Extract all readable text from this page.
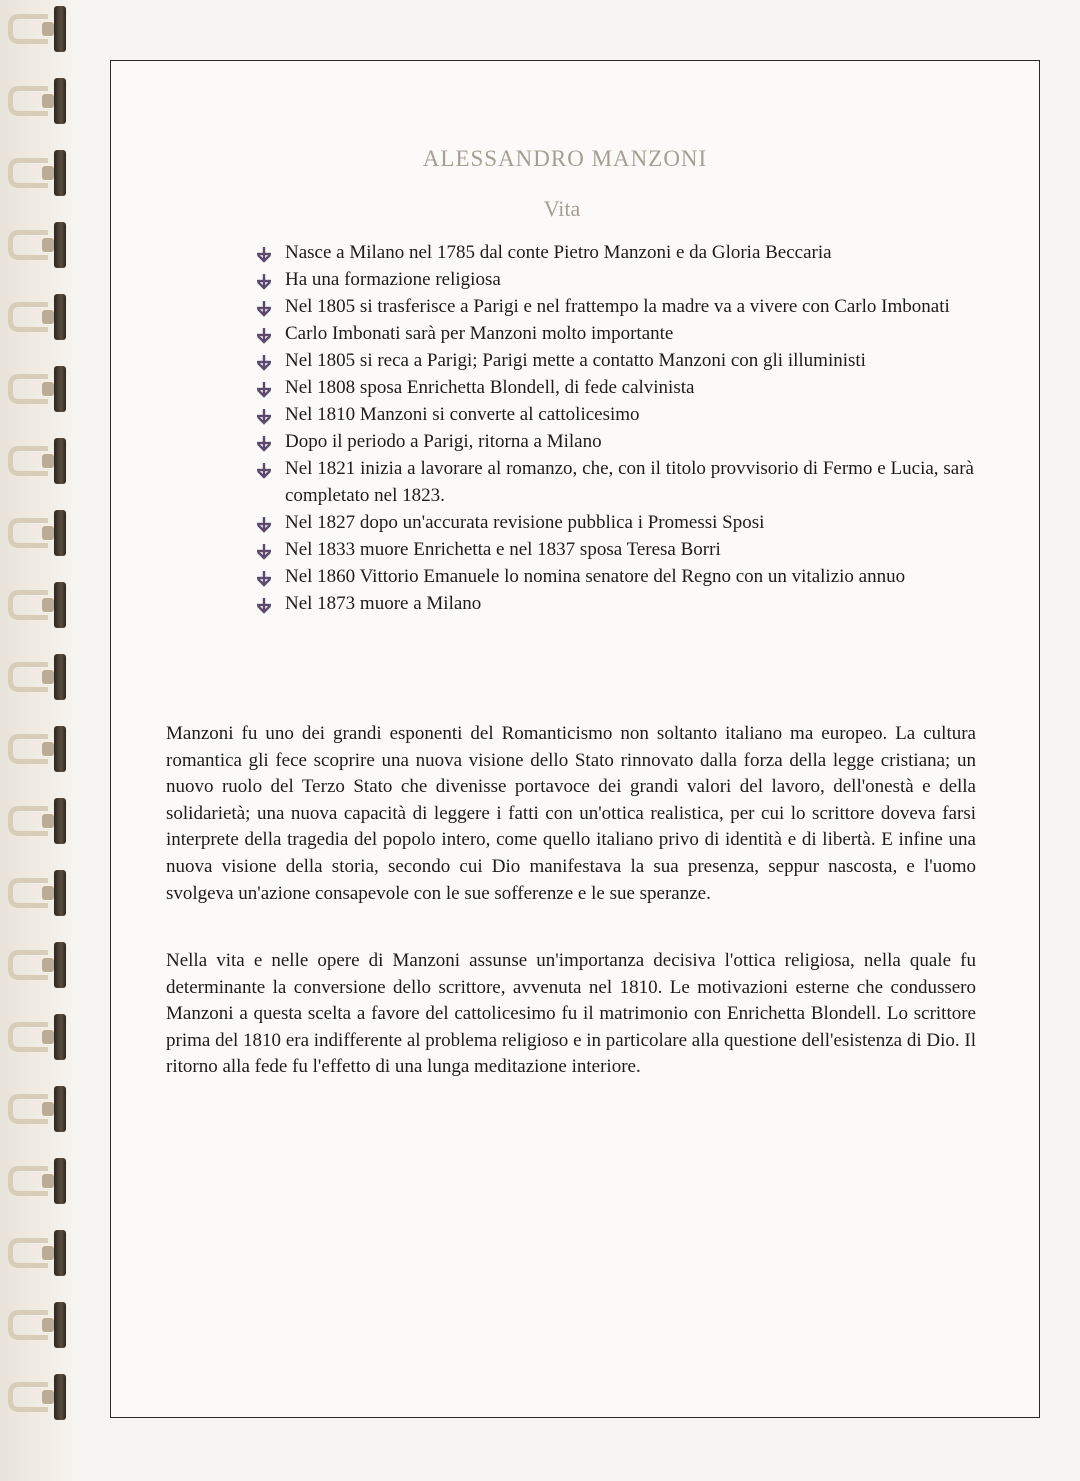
ALESSANDRO MANZONI
Vita
Nasce a Milano nel 1785 dal conte Pietro Manzoni e da Gloria Beccaria
Ha una formazione religiosa
Nel 1805 si trasferisce a Parigi e nel frattempo la madre va a vivere con Carlo Imbonati
Carlo Imbonati sarà per Manzoni molto importante
Nel 1805 si reca a Parigi; Parigi mette a contatto Manzoni con gli illuministi
Nel 1808 sposa Enrichetta Blondell, di fede calvinista
Nel 1810 Manzoni si converte al cattolicesimo
Dopo il periodo a Parigi, ritorna a Milano
Nel 1821 inizia a lavorare al romanzo, che, con il titolo provvisorio di Fermo e Lucia, sarà completato nel 1823.
Nel 1827 dopo un'accurata revisione pubblica i Promessi Sposi
Nel 1833 muore Enrichetta e nel 1837 sposa Teresa Borri
Nel 1860 Vittorio Emanuele lo nomina senatore del Regno con un vitalizio annuo
Nel 1873 muore a Milano

Manzoni fu uno dei grandi esponenti del Romanticismo non soltanto italiano ma europeo. La cultura romantica gli fece scoprire una nuova visione dello Stato rinnovato dalla forza della legge cristiana; un nuovo ruolo del Terzo Stato che divenisse portavoce dei grandi valori del lavoro, dell'onestà e della solidarietà; una nuova capacità di leggere i fatti con un'ottica realistica, per cui lo scrittore doveva farsi interprete della tragedia del popolo intero, come quello italiano privo di identità e di libertà. E infine una nuova visione della storia, secondo cui Dio manifestava la sua presenza, seppur nascosta, e l'uomo svolgeva un'azione consapevole con le sue sofferenze e le sue speranze.

Nella vita e nelle opere di Manzoni assunse un'importanza decisiva l'ottica religiosa, nella quale fu determinante la conversione dello scrittore, avvenuta nel 1810. Le motivazioni esterne che condussero Manzoni a questa scelta a favore del cattolicesimo fu il matrimonio con Enrichetta Blondell. Lo scrittore prima del 1810 era indifferente al problema religioso e in particolare alla questione dell'esistenza di Dio. Il ritorno alla fede fu l'effetto di una lunga meditazione interiore.
